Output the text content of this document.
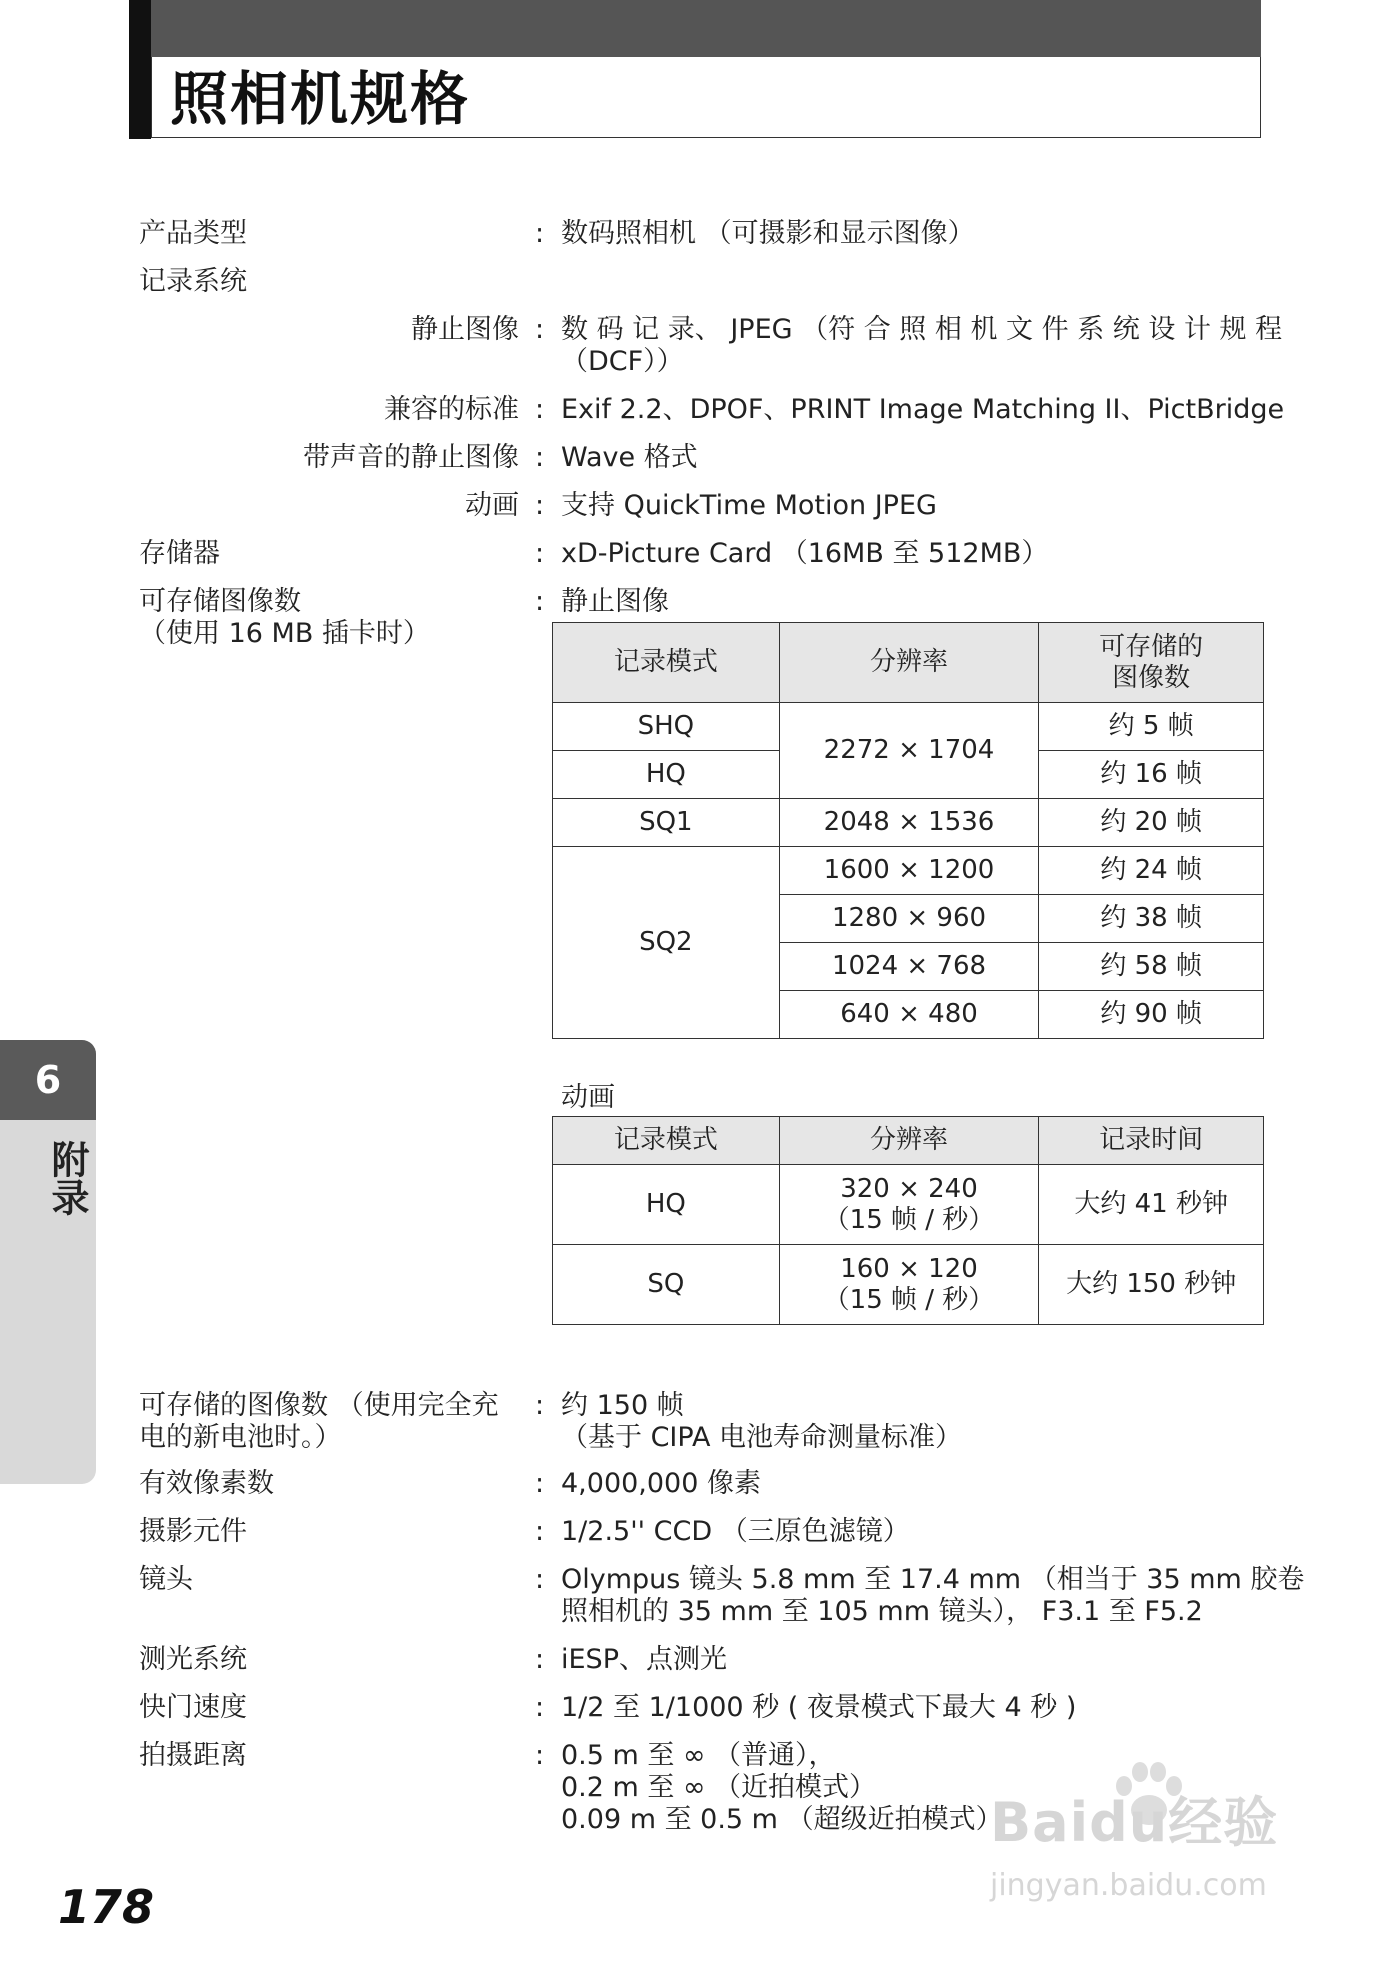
照相机规格
6
附录
产品类型	: 数码照相机 （可摄影和显示图像）
记录系统
静止图像 : 数 码 记 录、 JPEG （符 合 照 相 机 文 件 系 统 设 计 规 程
（DCF））
兼容的标准 : Exif 2.2、DPOF、PRINT Image Matching II、PictBridge
带声音的静止图像 : Wave 格式
动画 : 支持 QuickTime Motion JPEG
存储器	: xD-Picture Card （16MB 至 512MB）
可存储图像数
（使用 16 MB 插卡时）
: 静止图像
记录模式	分辨率	可存储的
图像数

SHQ	2272 × 1704	约 5 帧
HQ		约 16 帧
SQ1	2048 × 1536	约 20 帧
SQ2	1600 × 1200	约 24 帧
	1280 × 960	约 38 帧
	1024 × 768	约 58 帧
	640 × 480	约 90 帧
动画
记录模式	分辨率	记录时间
HQ	320 × 240
（15 帧 / 秒）	大约 41 秒钟
SQ	160 × 120
（15 帧 / 秒）	大约 150 秒钟
可存储的图像数 （使用完全充
电的新电池时。）
: 约 150 帧
（基于 CIPA 电池寿命测量标准）
有效像素数	: 4,000,000 像素
摄影元件	: 1/2.5'' CCD （三原色滤镜）
镜头	: Olympus 镜头 5.8 mm 至 17.4 mm （相当于 35 mm 胶卷
照相机的 35 mm 至 105 mm 镜头）， F3.1 至 F5.2
测光系统	: iESP、点测光
快门速度	: 1/2 至 1/1000 秒 ( 夜景模式下最大 4 秒 )
拍摄距离	: 0.5 m 至 ∞ （普通），
0.2 m 至 ∞ （近拍模式）
0.09 m 至 0.5 m （超级近拍模式）
178
Baidu经验
jingyan.baidu.com
